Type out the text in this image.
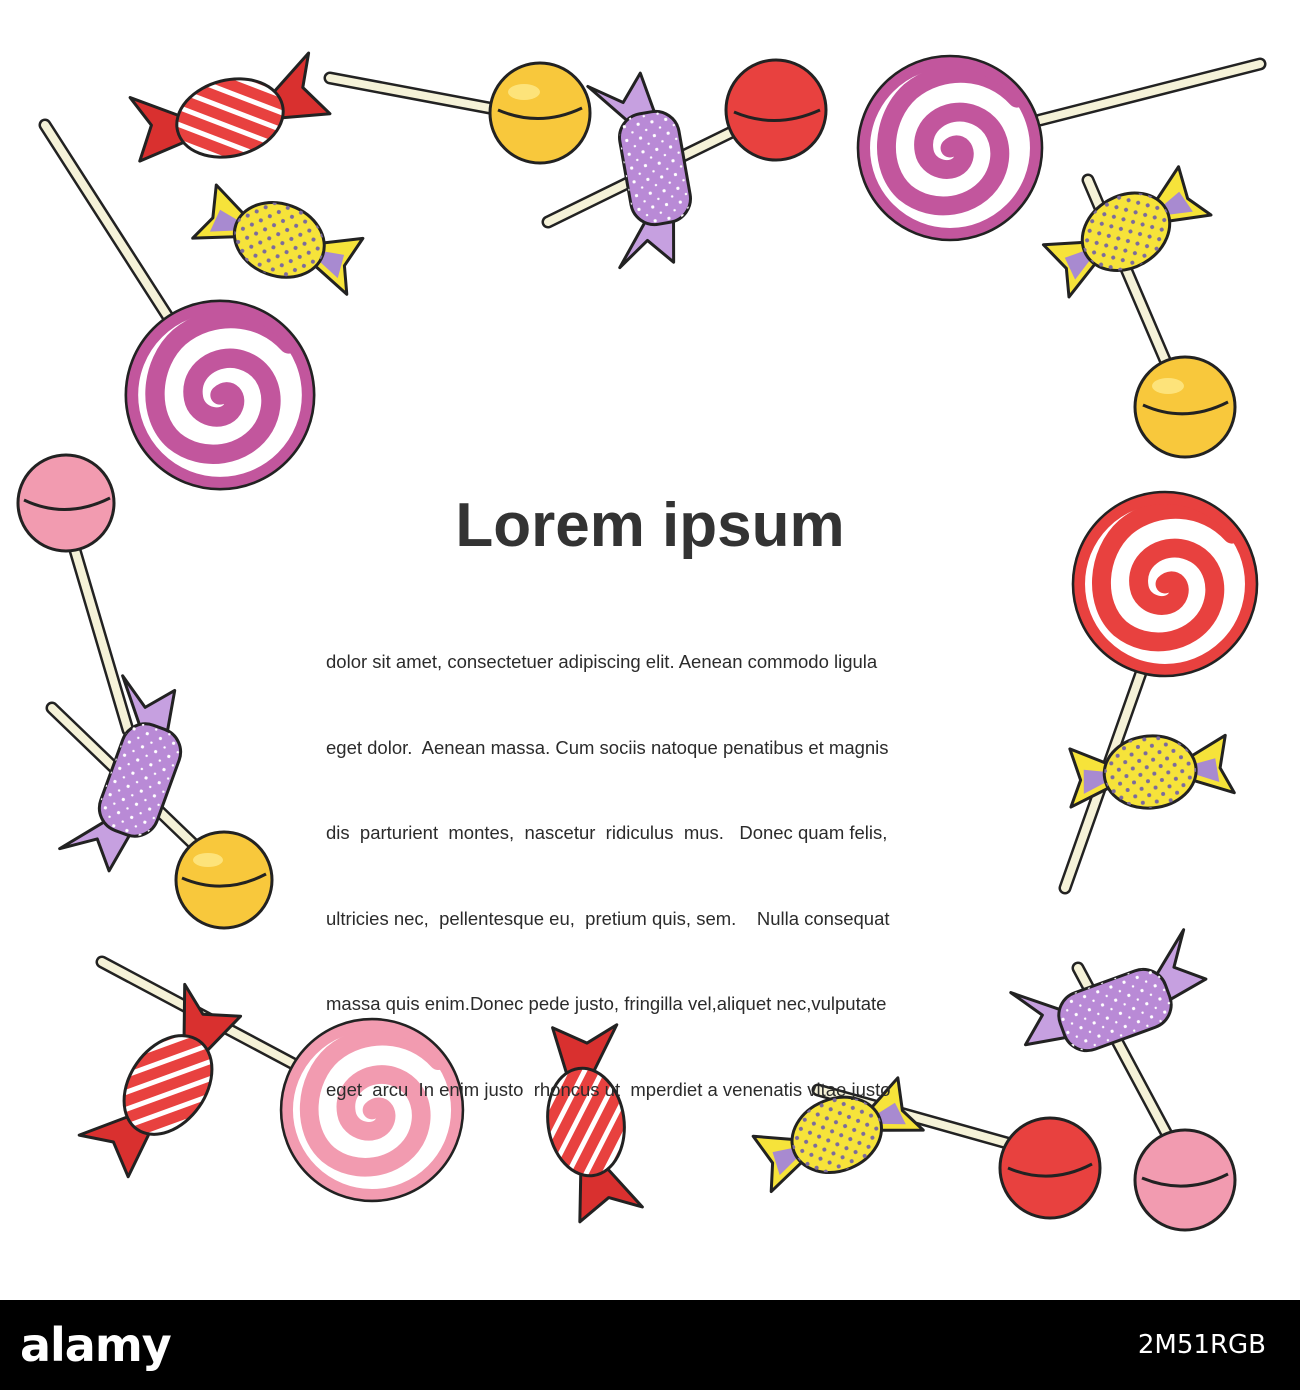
Lorem ipsum

dolor sit amet, consectetuer adipiscing elit. Aenean commodo ligula

eget dolor.  Aenean massa. Cum sociis natoque penatibus et magnis

dis  parturient  montes,  nascetur  ridiculus  mus.   Donec quam felis,

ultricies nec,  pellentesque eu,  pretium quis, sem.    Nulla consequat

massa quis enim.Donec pede justo, fringilla vel,aliquet nec,vulputate

eget  arcu  In enim justo  rhoncus ut  mperdiet a venenatis vitae justo

alamy	2M51RGB
